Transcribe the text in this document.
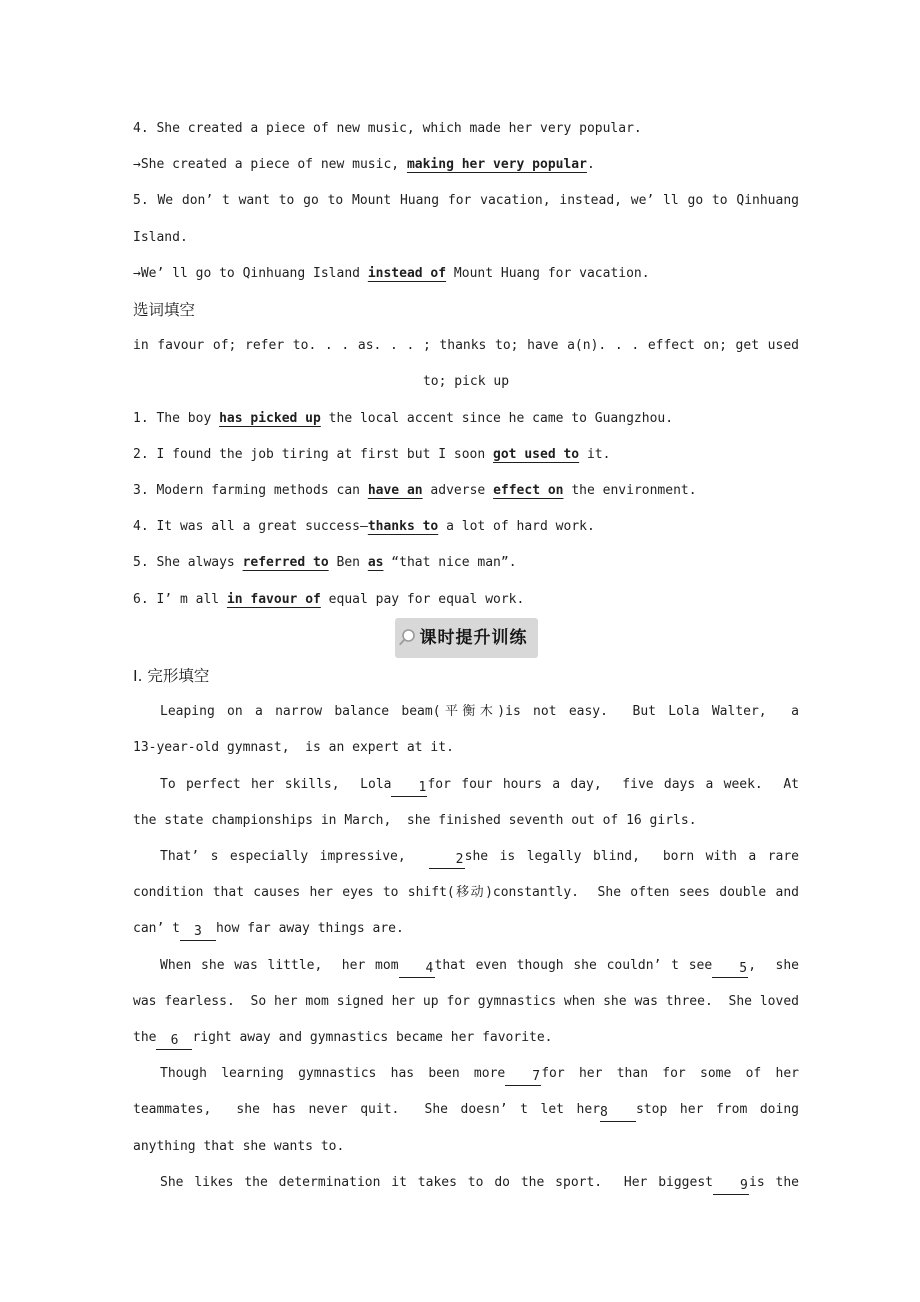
4. She created a piece of new music, which made her very popular.
→She created a piece of new music, making her very popular.
5. We don’ t want to go to Mount Huang for vacation, instead, we’ ll go to Qinhuang
Island.
→We’ ll go to Qinhuang Island instead of Mount Huang for vacation.
选词填空
in favour of; refer to. . . as. . . ; thanks to; have a(n). . . effect on; get used
to; pick up
1. The boy has picked up the local accent since he came to Guangzhou.
2. I found the job tiring at first but I soon got used to it.
3. Modern farming methods can have an adverse effect on the environment.
4. It was all a great success—thanks to a lot of hard work.
5. She always referred to Ben as “that nice man”.
6. I’ m all in favour of equal pay for equal work.
课时提升训练
Ⅰ. 完形填空
Leaping on a narrow balance beam(平衡木)is not easy.  But Lola Walter,  a
13-year-old gymnast,  is an expert at it.
To perfect her skills,  Lola 1for four hours a day,  five days a week.  At
the state championships in March,  she finished seventh out of 16 girls.
That’ s especially impressive,  2she is legally blind,  born with a rare
condition that causes her eyes to shift(移动)constantly.  She often sees double and
can’ t 3 how far away things are.
When she was little,  her mom 4that even though she couldn’ t see 5,  she
was fearless.  So her mom signed her up for gymnastics when she was three.  She loved
the 6 right away and gymnastics became her favorite.
Though learning gymnastics has been more 7for her than for some of her
teammates,  she has never quit.  She doesn’ t let her8 stop her from doing
anything that she wants to.
She likes the determination it takes to do the sport.  Her biggest 9is the
